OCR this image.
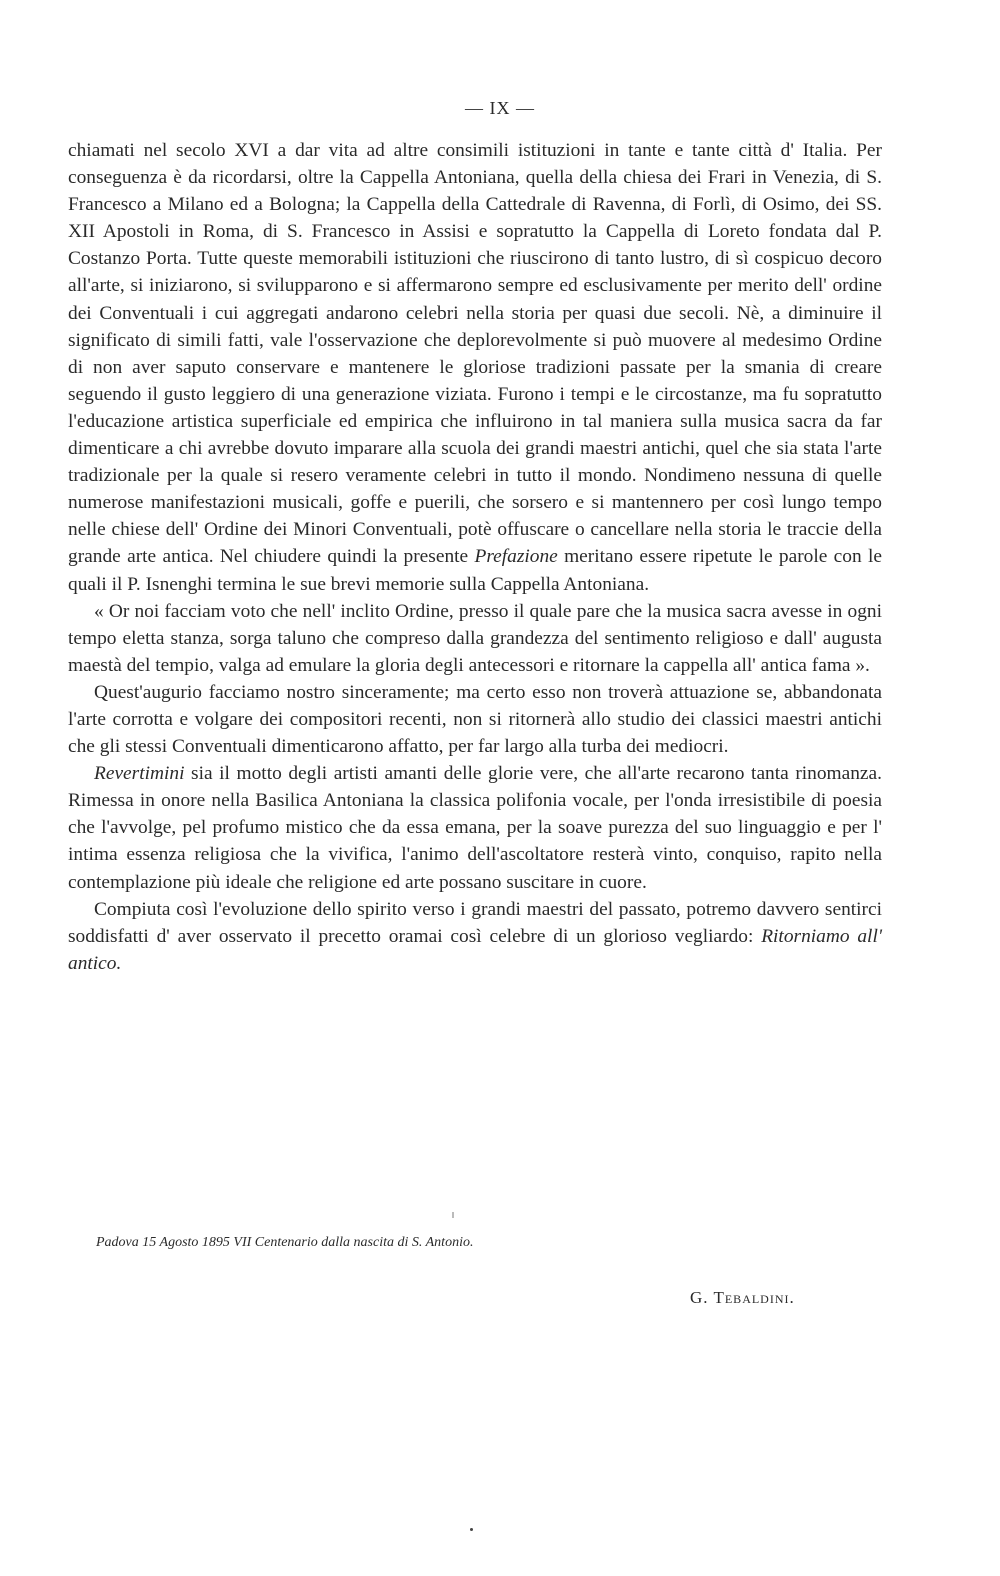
— IX —

chiamati nel secolo XVI a dar vita ad altre consimili istituzioni in tante e tante città d' Italia. Per conseguenza è da ricordarsi, oltre la Cappella Antoniana, quella della chiesa dei Frari in Venezia, di S. Francesco a Milano ed a Bologna; la Cappella della Cattedrale di Ravenna, di Forlì, di Osimo, dei SS. XII Apostoli in Roma, di S. Francesco in Assisi e sopratutto la Cappella di Loreto fondata dal P. Costanzo Porta. Tutte queste memorabili istituzioni che riuscirono di tanto lustro, di sì cospicuo decoro all'arte, si iniziarono, si svilupparono e si affermarono sempre ed esclusivamente per merito dell' ordine dei Conventuali i cui aggregati andarono celebri nella storia per quasi due secoli. Nè, a diminuire il significato di simili fatti, vale l'osservazione che deplorevolmente si può muovere al medesimo Ordine di non aver saputo conservare e mantenere le gloriose tradizioni passate per la smania di creare seguendo il gusto leggiero di una generazione viziata. Furono i tempi e le circostanze, ma fu sopratutto l'educazione artistica superficiale ed empirica che influirono in tal maniera sulla musica sacra da far dimenticare a chi avrebbe dovuto imparare alla scuola dei grandi maestri antichi, quel che sia stata l'arte tradizionale per la quale si resero veramente celebri in tutto il mondo. Nondimeno nessuna di quelle numerose manifestazioni musicali, goffe e puerili, che sorsero e si mantennero per così lungo tempo nelle chiese dell' Ordine dei Minori Conventuali, potè offuscare o cancellare nella storia le traccie della grande arte antica. Nel chiudere quindi la presente Prefazione meritano essere ripetute le parole con le quali il P. Isnenghi termina le sue brevi memorie sulla Cappella Antoniana.

« Or noi facciam voto che nell' inclito Ordine, presso il quale pare che la musica sacra avesse in ogni tempo eletta stanza, sorga taluno che compreso dalla grandezza del sentimento religioso e dall' augusta maestà del tempio, valga ad emulare la gloria degli antecessori e ritornare la cappella all' antica fama ».

Quest'augurio facciamo nostro sinceramente; ma certo esso non troverà attuazione se, abbandonata l'arte corrotta e volgare dei compositori recenti, non si ritornerà allo studio dei classici maestri antichi che gli stessi Conventuali dimenticarono affatto, per far largo alla turba dei mediocri.

Revertimini sia il motto degli artisti amanti delle glorie vere, che all'arte recarono tanta rinomanza. Rimessa in onore nella Basilica Antoniana la classica polifonia vocale, per l'onda irresistibile di poesia che l'avvolge, pel profumo mistico che da essa emana, per la soave purezza del suo linguaggio e per l' intima essenza religiosa che la vivifica, l'animo dell'ascoltatore resterà vinto, conquiso, rapito nella contemplazione più ideale che religione ed arte possano suscitare in cuore.

Compiuta così l'evoluzione dello spirito verso i grandi maestri del passato, potremo davvero sentirci soddisfatti d' aver osservato il precetto oramai così celebre di un glorioso vegliardo: Ritorniamo all' antico.

Padova 15 Agosto 1895 VII Centenario dalla nascita di S. Antonio.
G. Tebaldini.
